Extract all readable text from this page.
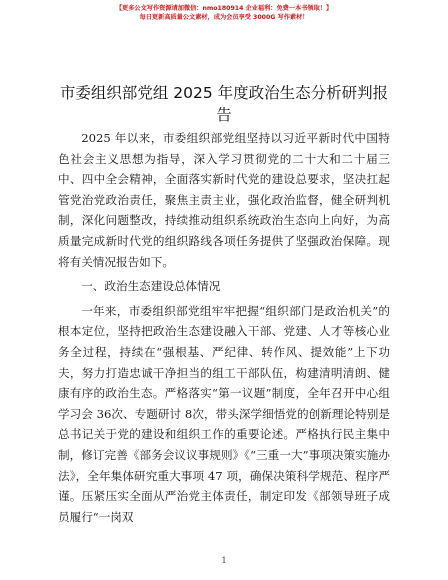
【更多公文写作资源请加微信：nmo180914 企业福利：免费一本书领取！】
每日更新高质量公文素材，成为会员享受 3000G 写作素材！
市委组织部党组 2025 年度政治生态分析研判报告

2025 年以来，市委组织部党组坚持以习近平新时代中国特色社会主义思想为指导，深入学习贯彻党的二十大和二十届三中、四中全会精神，全面落实新时代党的建设总要求，坚决扛起管党治党政治责任，聚焦主责主业，强化政治监督，健全研判机制，深化问题整改，持续推动组织系统政治生态向上向好，为高质量完成新时代党的组织路线各项任务提供了坚强政治保障。现将有关情况报告如下。

一、政治生态建设总体情况

一年来，市委组织部党组牢牢把握“组织部门是政治机关”的根本定位，坚持把政治生态建设融入干部、党建、人才等核心业务全过程，持续在“强根基、严纪律、转作风、提效能”上下功夫，努力打造忠诚干净担当的组工干部队伍，构建清明清朗、健康有序的政治生态。严格落实“第一议题”制度，全年召开中心组学习会 36次、专题研讨 8次，带头深学细悟党的创新理论特别是总书记关于党的建设和组织工作的重要论述。严格执行民主集中制，修订完善《部务会议议事规则》《“三重一大”事项决策实施办法》，全年集体研究重大事项 47 项，确保决策科学规范、程序严谨。压紧压实全面从严治党主体责任，制定印发《部领导班子成员履行“一岗双

1
